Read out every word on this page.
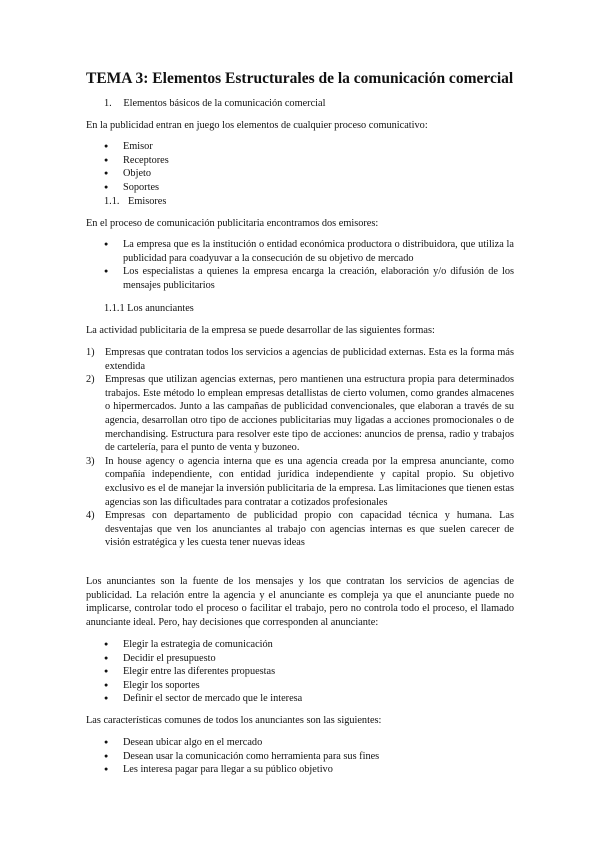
TEMA 3: Elementos Estructurales de la comunicación comercial
1. Elementos básicos de la comunicación comercial
En la publicidad entran en juego los elementos de cualquier proceso comunicativo:
● Emisor
● Receptores
● Objeto
● Soportes
1.1. Emisores
En el proceso de comunicación publicitaria encontramos dos emisores:
● La empresa que es la institución o entidad económica productora o distribuidora, que utiliza la publicidad para coadyuvar a la consecución de su objetivo de mercado
● Los especialistas a quienes la empresa encarga la creación, elaboración y/o difusión de los mensajes publicitarios
1.1.1 Los anunciantes
La actividad publicitaria de la empresa se puede desarrollar de las siguientes formas:
1) Empresas que contratan todos los servicios a agencias de publicidad externas. Esta es la forma más extendida
2) Empresas que utilizan agencias externas, pero mantienen una estructura propia para determinados trabajos. Este método lo emplean empresas detallistas de cierto volumen, como grandes almacenes o hipermercados. Junto a las campañas de publicidad convencionales, que elaboran a través de su agencia, desarrollan otro tipo de acciones publicitarias muy ligadas a acciones promocionales o de merchandising. Estructura para resolver este tipo de acciones: anuncios de prensa, radio y trabajos de cartelería, para el punto de venta y buzoneo.
3) In house agency o agencia interna que es una agencia creada por la empresa anunciante, como compañía independiente, con entidad jurídica independiente y capital propio. Su objetivo exclusivo es el de manejar la inversión publicitaria de la empresa. Las limitaciones que tienen estas agencias son las dificultades para contratar a cotizados profesionales
4) Empresas con departamento de publicidad propio con capacidad técnica y humana. Las desventajas que ven los anunciantes al trabajo con agencias internas es que suelen carecer de visión estratégica y les cuesta tener nuevas ideas
Los anunciantes son la fuente de los mensajes y los que contratan los servicios de agencias de publicidad. La relación entre la agencia y el anunciante es compleja ya que el anunciante puede no implicarse, controlar todo el proceso o facilitar el trabajo, pero no controla todo el proceso, el llamado anunciante ideal. Pero, hay decisiones que corresponden al anunciante:
● Elegir la estrategia de comunicación
● Decidir el presupuesto
● Elegir entre las diferentes propuestas
● Elegir los soportes
● Definir el sector de mercado que le interesa
Las características comunes de todos los anunciantes son las siguientes:
● Desean ubicar algo en el mercado
● Desean usar la comunicación como herramienta para sus fines
● Les interesa pagar para llegar a su público objetivo
